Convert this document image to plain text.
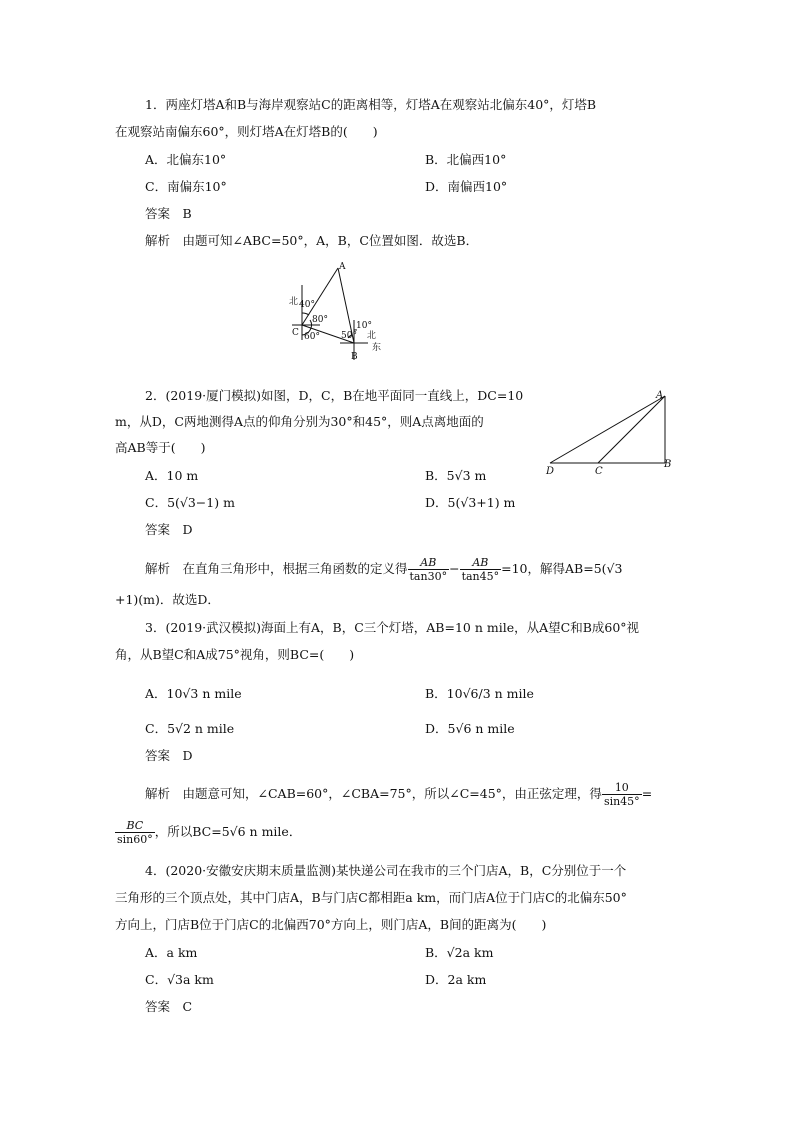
1．两座灯塔A和B与海岸观察站C的距离相等，灯塔A在观察站北偏东40°，灯塔B
在观察站南偏东60°，则灯塔A在灯塔B的(　　)
A．北偏东10°	B．北偏西10°
C．南偏东10°	D．南偏西10°
答案　B
解析　由题可知∠ABC=50°，A，B，C位置如图．故选B．
A
北 40°
80°
C 60° 50°
10°
北
B
东
2．(2019·厦门模拟)如图，D，C，B在地平面同一直线上，DC=10
m，从D，C两地测得A点的仰角分别为30°和45°，则A点离地面的
高AB等于(　　)
A
D	C
B
A．10 m	B．5√3 m
C．5(√3−1) m	D．5(√3+1) m
答案　D
解析　在直角三角形中，根据三角函数的定义得 $\frac{AB}{\tan 30^\circ} - \frac{AB}{\tan 45^\circ} =10$，解得AB=5(√3
+1)(m)．故选D．
3．(2019·武汉模拟)海面上有A，B，C三个灯塔，AB=10 n mile，从A望C和B成60°视
角，从B望C和A成75°视角，则BC=(　　)
A．10√3 n mile	B．10√6/3 n mile
C．5√2 n mile	D．5√6 n mile
答案　D
解析　由题意可知，∠CAB=60°，∠CBA=75°，所以∠C=45°，由正弦定理，得 $\frac{10}{\sin 45^\circ}$ =
$\frac{BC}{\sin 60^\circ}$ ，所以BC=5√6 n mile．
4．(2020·安徽安庆期末质量监测)某快递公司在我市的三个门店A，B，C分别位于一个
三角形的三个顶点处，其中门店A，B与门店C都相距a km，而门店A位于门店C的北偏东50°
方向上，门店B位于门店C的北偏西70°方向上，则门店A，B间的距离为(　　)
A．a km	B．√2a km
C．√3a km	D．2a km
答案　C
